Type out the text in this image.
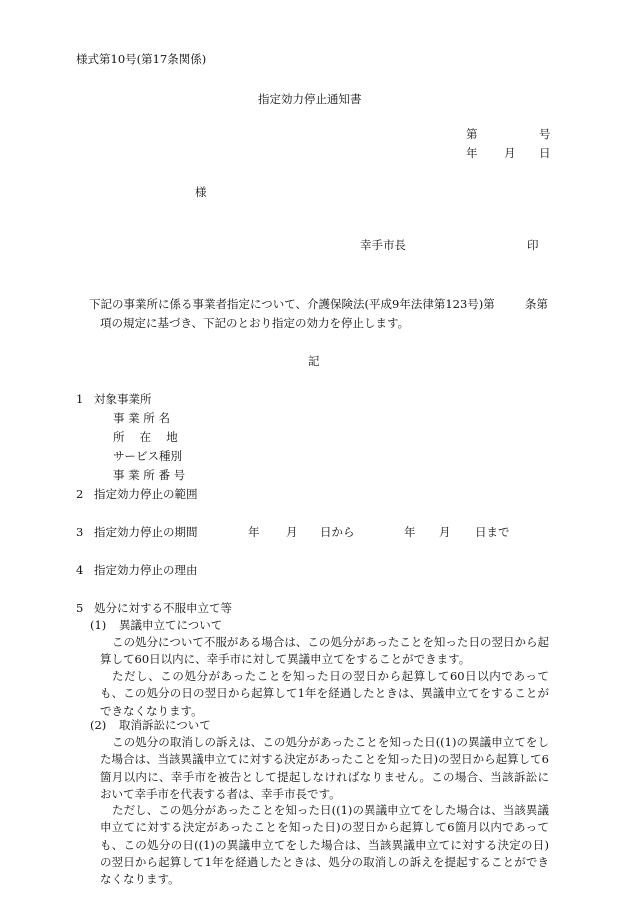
様式第10号(第17条関係)
指定効力停止通知書
第	号
年 月 日
様
幸手市長	印
下記の事業所に係る事業者指定について、介護保険法(平成9年法律第123号)第	条第
項の規定に基づき、下記のとおり指定の効力を停止します。
記
1 対象事業所
事 業 所 名
所　 在　 地
サービス種別
事 業 所 番 号
2 指定効力停止の範囲
3 指定効力停止の期間	年 月 日から	年 月 日まで
4 指定効力停止の理由
5 処分に対する不服申立て等
(1) 異議申立てについて
この処分について不服がある場合は、この処分があったことを知った日の翌日から起算して60日以内に、幸手市に対して異議申立てをすることができます。
ただし、この処分があったことを知った日の翌日から起算して60日以内であっても、この処分の日の翌日から起算して1年を経過したときは、異議申立てをすることができなくなります。
(2) 取消訴訟について
この処分の取消しの訴えは、この処分があったことを知った日((1)の異議申立てをした場合は、当該異議申立てに対する決定があったことを知った日)の翌日から起算して6箇月以内に、幸手市を被告として提起しなければなりません。この場合、当該訴訟において幸手市を代表する者は、幸手市長です。
ただし、この処分があったことを知った日((1)の異議申立てをした場合は、当該異議申立てに対する決定があったことを知った日)の翌日から起算して6箇月以内であっても、この処分の日((1)の異議申立てをした場合は、当該異議申立てに対する決定の日)の翌日から起算して1年を経過したときは、処分の取消しの訴えを提起することができなくなります。
